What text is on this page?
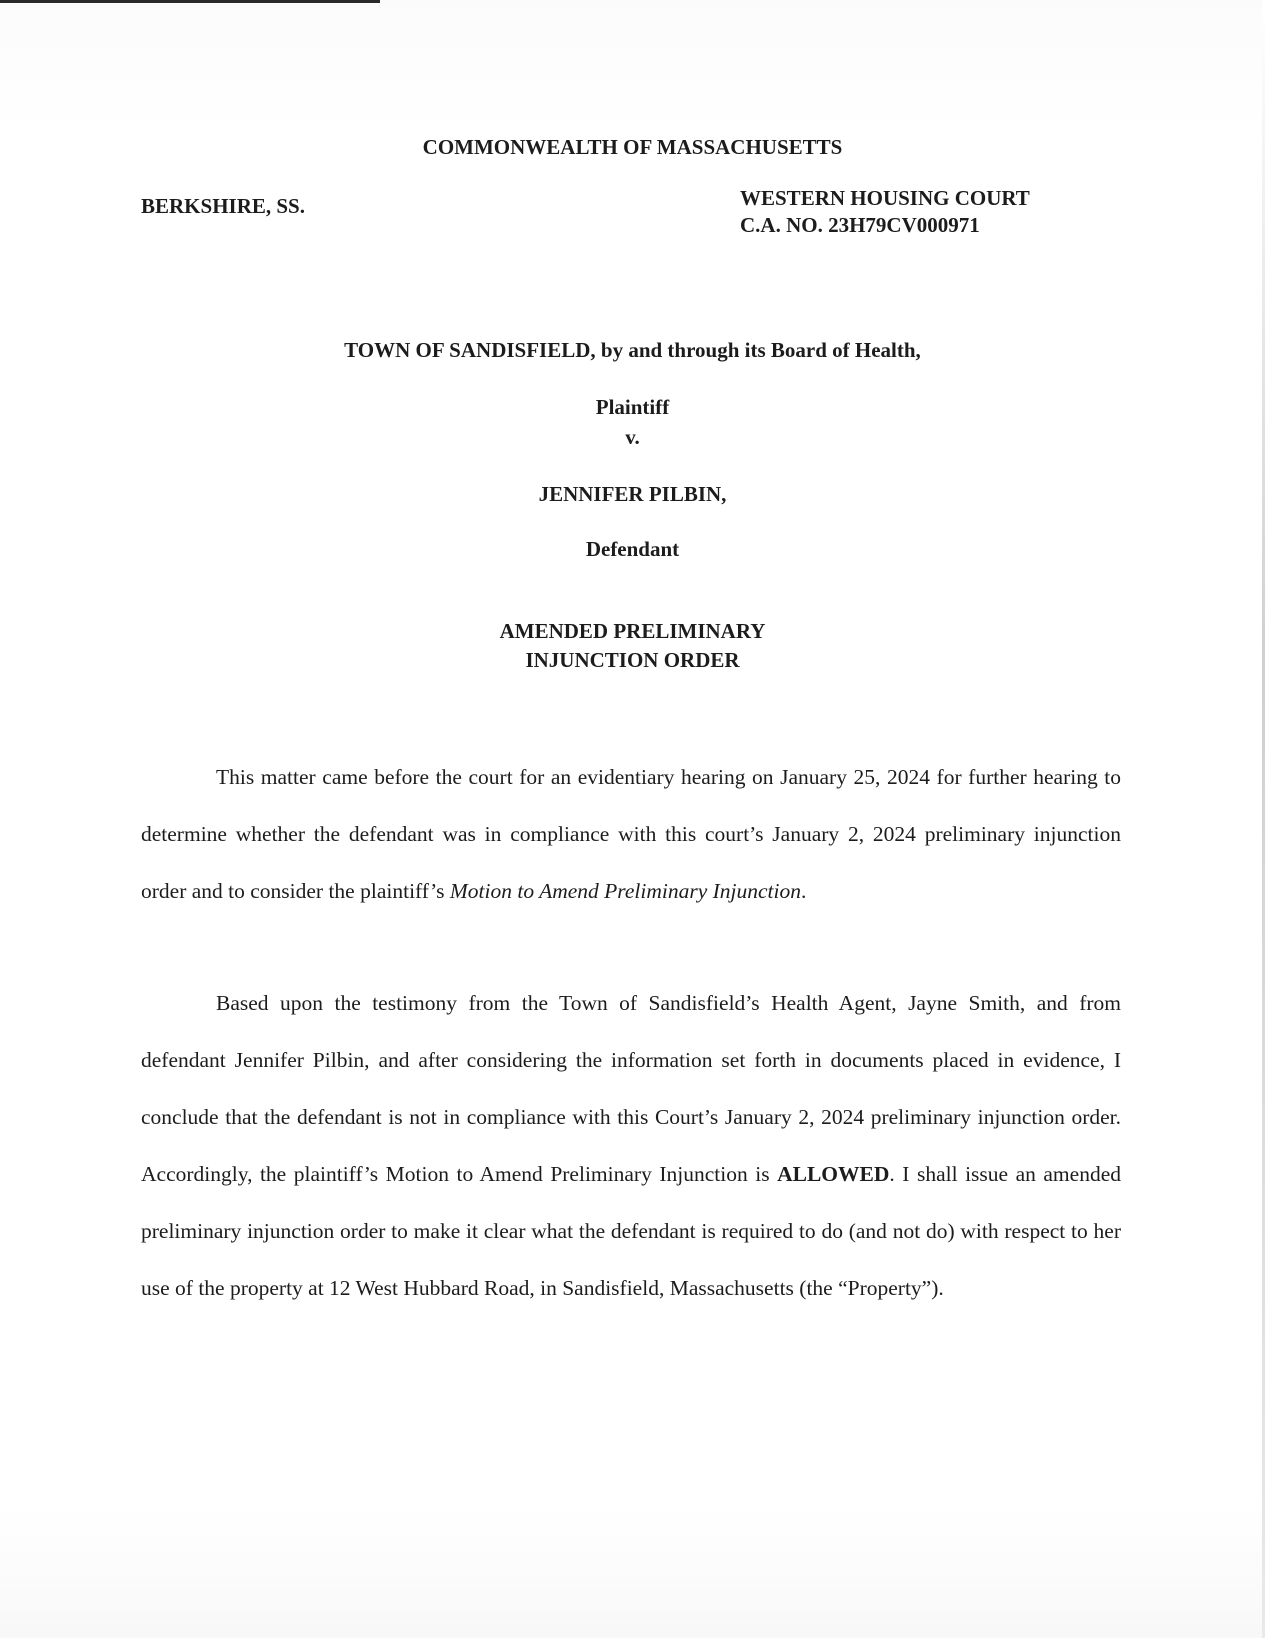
COMMONWEALTH OF MASSACHUSETTS
BERKSHIRE, SS.	WESTERN HOUSING COURT
C.A. NO. 23H79CV000971
TOWN OF SANDISFIELD, by and through its Board of Health,
Plaintiff
v.
JENNIFER PILBIN,
Defendant
AMENDED PRELIMINARY
INJUNCTION ORDER
This matter came before the court for an evidentiary hearing on January 25, 2024 for further hearing to determine whether the defendant was in compliance with this court’s January 2, 2024 preliminary injunction order and to consider the plaintiff’s Motion to Amend Preliminary Injunction.
Based upon the testimony from the Town of Sandisfield’s Health Agent, Jayne Smith, and from defendant Jennifer Pilbin, and after considering the information set forth in documents placed in evidence, I conclude that the defendant is not in compliance with this Court’s January 2, 2024 preliminary injunction order. Accordingly, the plaintiff’s Motion to Amend Preliminary Injunction is ALLOWED. I shall issue an amended preliminary injunction order to make it clear what the defendant is required to do (and not do) with respect to her use of the property at 12 West Hubbard Road, in Sandisfield, Massachusetts (the “Property”).
